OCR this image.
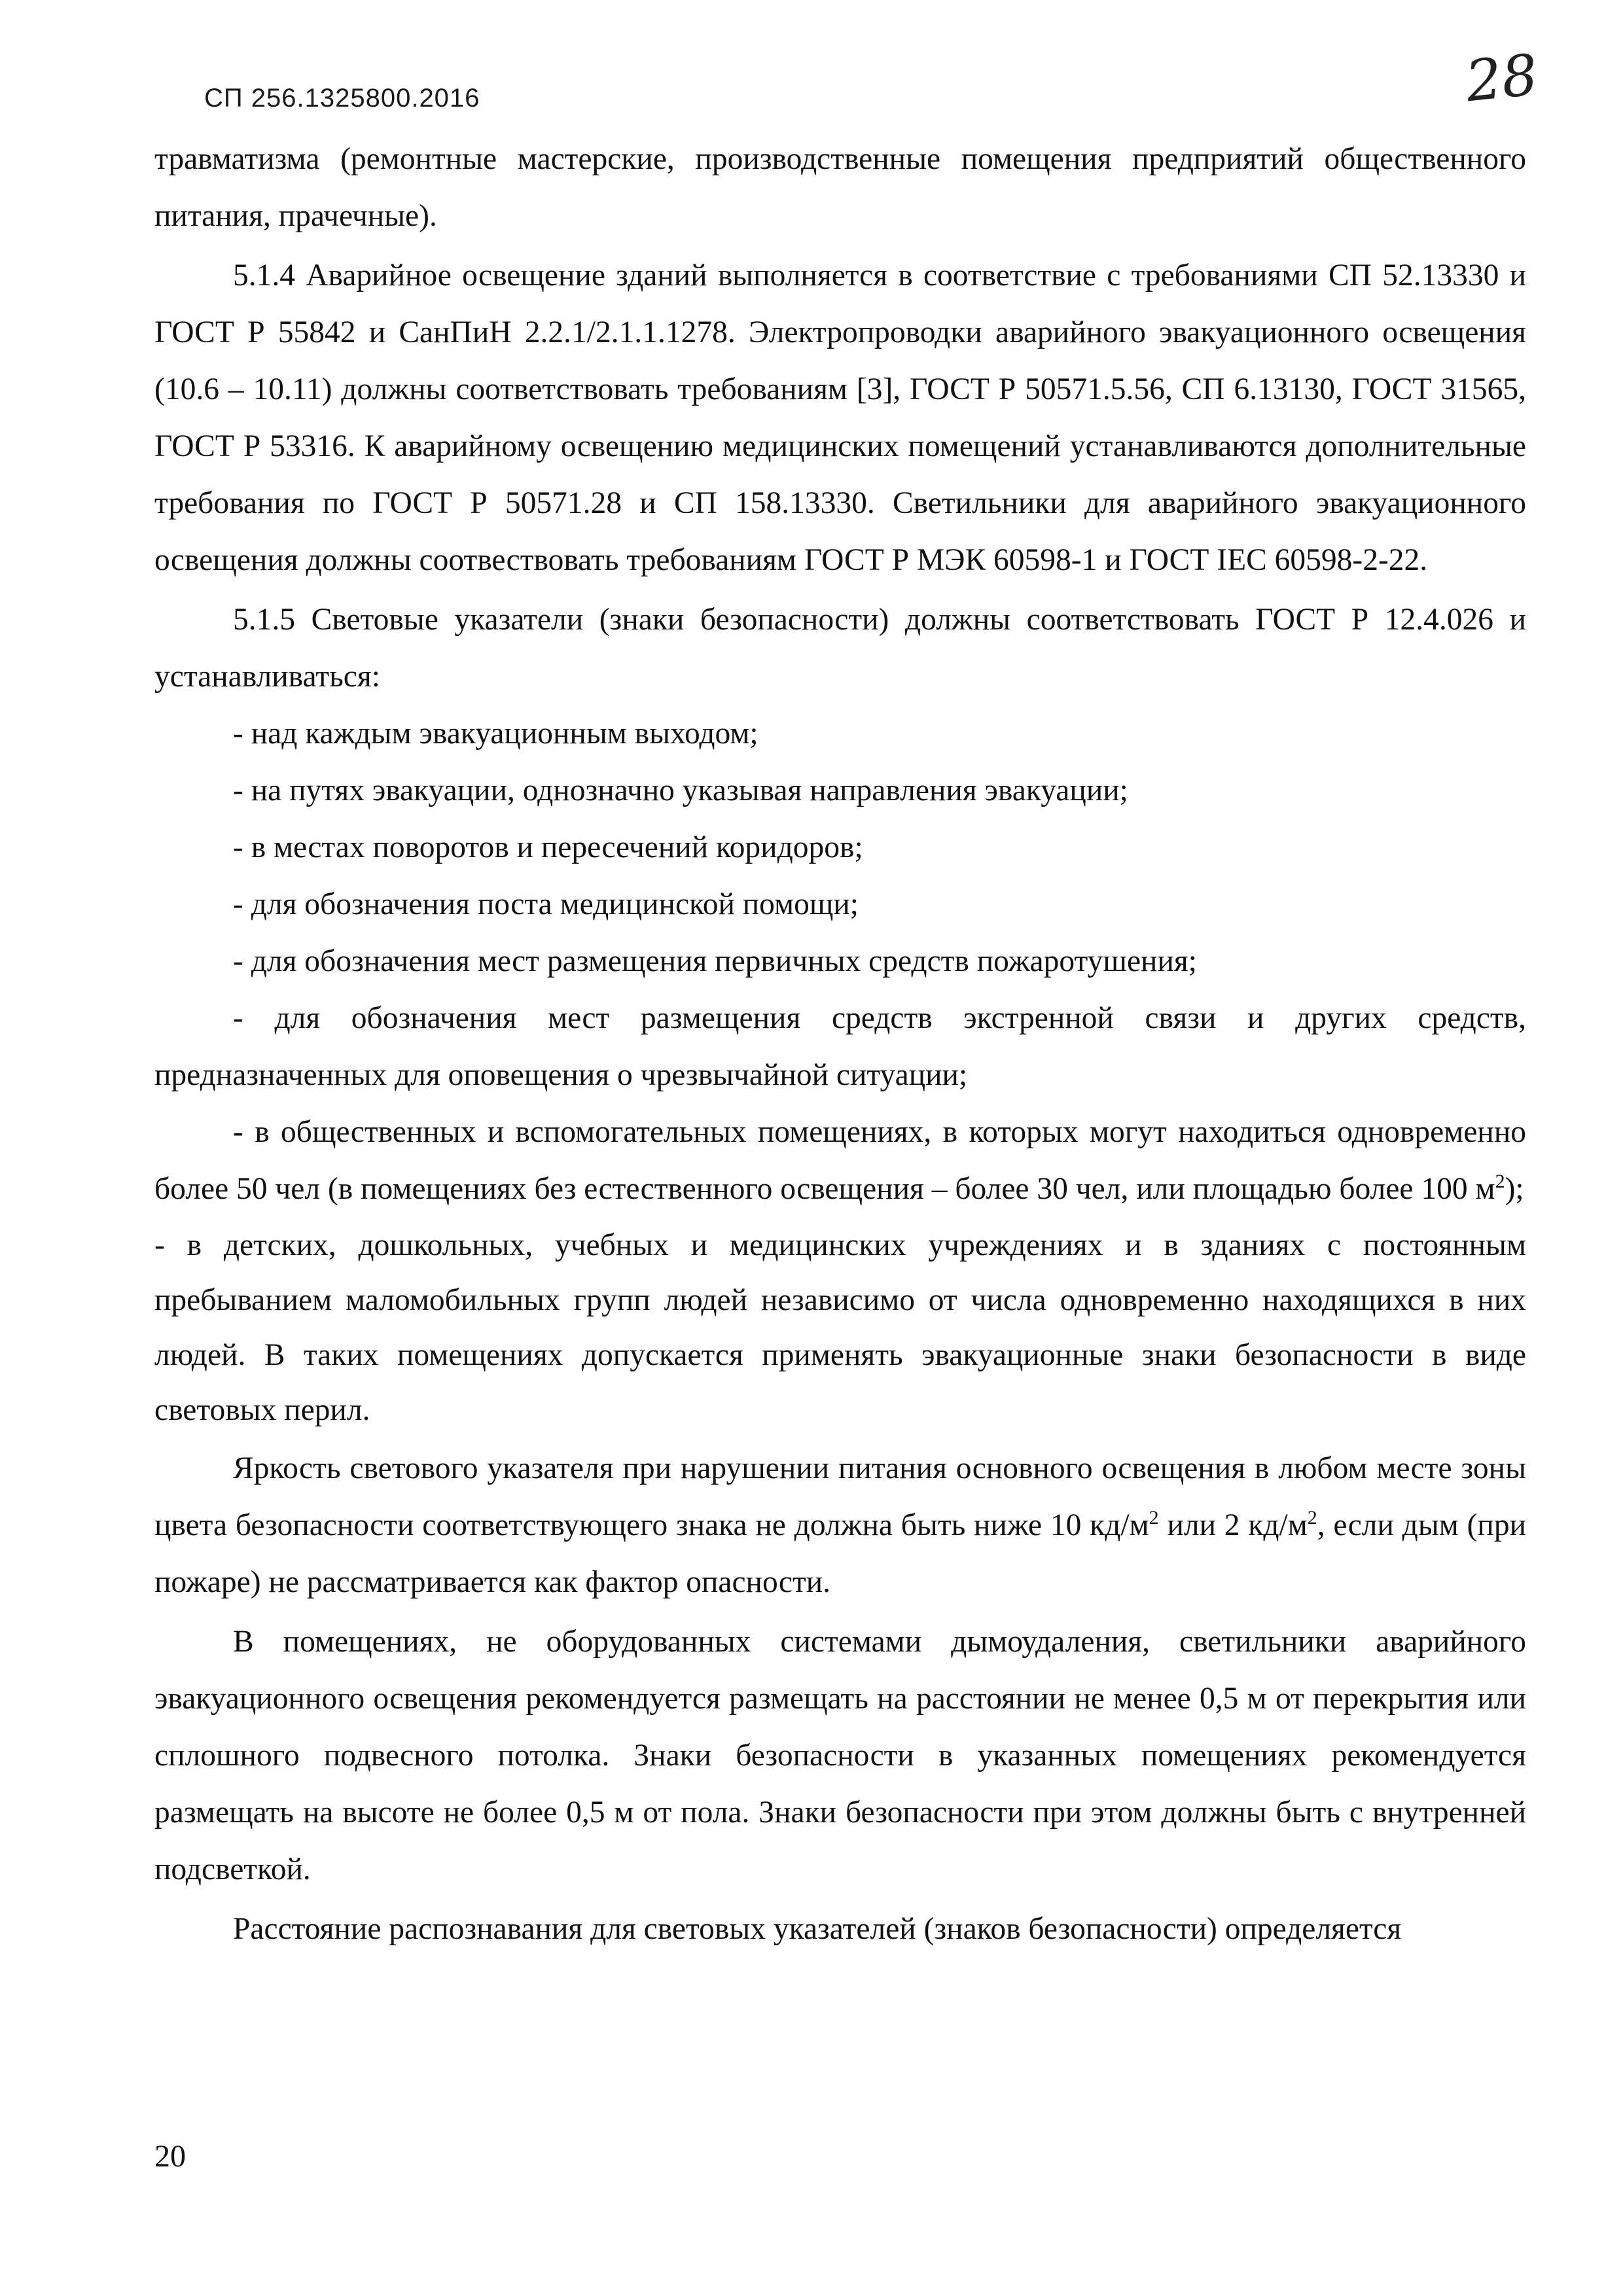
СП 256.1325800.2016	28

травматизма (ремонтные мастерские, производственные помещения предприятий общественного питания, прачечные).

5.1.4 Аварийное освещение зданий выполняется в соответствие с требованиями СП 52.13330 и ГОСТ Р 55842 и СанПиН 2.2.1/2.1.1.1278. Электропроводки аварийного эвакуационного освещения (10.6 – 10.11) должны соответствовать требованиям [3], ГОСТ Р 50571.5.56, СП 6.13130, ГОСТ 31565, ГОСТ Р 53316. К аварийному освещению медицинских помещений устанавливаются дополнительные требования по ГОСТ Р 50571.28 и СП 158.13330. Светильники для аварийного эвакуационного освещения должны соотвествовать требованиям ГОСТ Р МЭК 60598-1 и ГОСТ IEC 60598-2-22.

5.1.5 Световые указатели (знаки безопасности) должны соответствовать ГОСТ Р 12.4.026 и устанавливаться:

- над каждым эвакуационным выходом;

- на путях эвакуации, однозначно указывая направления эвакуации;

- в местах поворотов и пересечений коридоров;

- для обозначения поста медицинской помощи;

- для обозначения мест размещения первичных средств пожаротушения;

- для обозначения мест размещения средств экстренной связи и других средств, предназначенных для оповещения о чрезвычайной ситуации;

- в общественных и вспомогательных помещениях, в которых могут находиться одновременно более 50 чел (в помещениях без естественного освещения – более 30 чел, или площадью более 100 $м^2$);

- в детских, дошкольных, учебных и медицинских учреждениях и в зданиях с постоянным пребыванием маломобильных групп людей независимо от числа одновременно находящихся в них людей. В таких помещениях допускается применять эвакуационные знаки безопасности в виде световых перил.

Яркость светового указателя при нарушении питания основного освещения в любом месте зоны цвета безопасности соответствующего знака не должна быть ниже 10 $кд/м^2$ или 2 $кд/м^2$, если дым (при пожаре) не рассматривается как фактор опасности.

В помещениях, не оборудованных системами дымоудаления, светильники аварийного эвакуационного освещения рекомендуется размещать на расстоянии не менее 0,5 м от перекрытия или сплошного подвесного потолка. Знаки безопасности в указанных помещениях рекомендуется размещать на высоте не более 0,5 м от пола. Знаки безопасности при этом должны быть с внутренней подсветкой.

Расстояние распознавания для световых указателей (знаков безопасности) определяется

20
